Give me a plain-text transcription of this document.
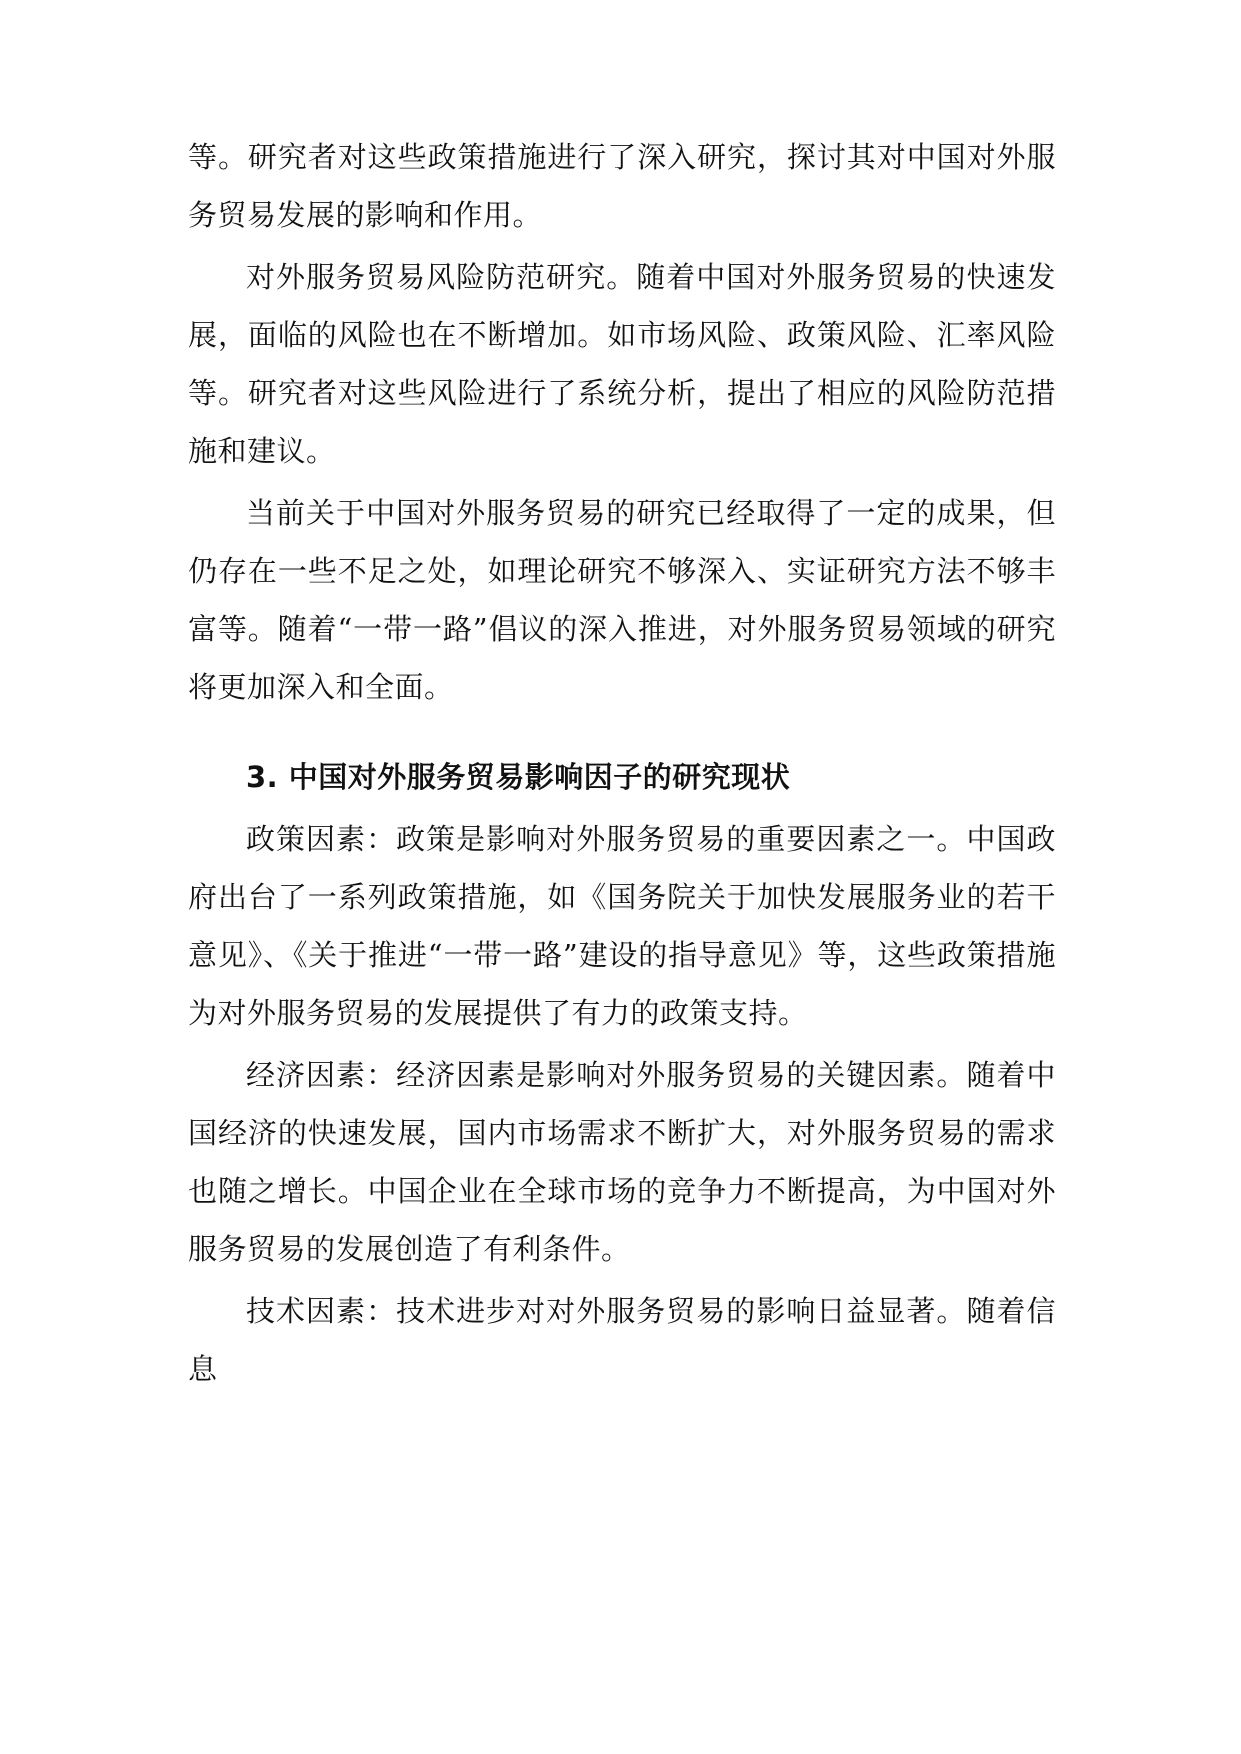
等。研究者对这些政策措施进行了深入研究，探讨其对中国对外服务贸易发展的影响和作用。

对外服务贸易风险防范研究。随着中国对外服务贸易的快速发展，面临的风险也在不断增加。如市场风险、政策风险、汇率风险等。研究者对这些风险进行了系统分析，提出了相应的风险防范措施和建议。

当前关于中国对外服务贸易的研究已经取得了一定的成果，但仍存在一些不足之处，如理论研究不够深入、实证研究方法不够丰富等。随着“一带一路”倡议的深入推进，对外服务贸易领域的研究将更加深入和全面。

3. 中国对外服务贸易影响因子的研究现状

政策因素：政策是影响对外服务贸易的重要因素之一。中国政府出台了一系列政策措施，如《国务院关于加快发展服务业的若干意见》、《关于推进“一带一路”建设的指导意见》等，这些政策措施为对外服务贸易的发展提供了有力的政策支持。

经济因素：经济因素是影响对外服务贸易的关键因素。随着中国经济的快速发展，国内市场需求不断扩大，对外服务贸易的需求也随之增长。中国企业在全球市场的竞争力不断提高，为中国对外服务贸易的发展创造了有利条件。

技术因素：技术进步对对外服务贸易的影响日益显著。随着信息
